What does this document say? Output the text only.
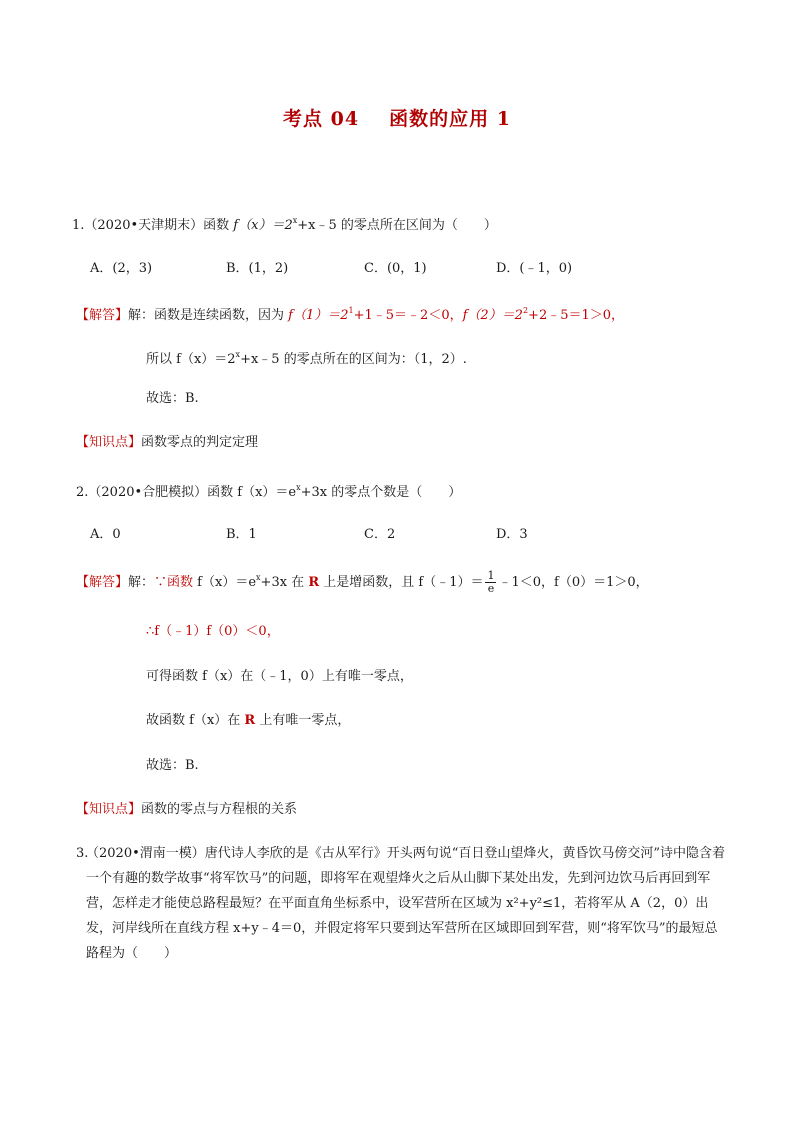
考点 04 函数的应用 1
1.（2020•天津期末）函数 $f(x)=2^x+x﹣5$ 的零点所在区间为（　　）
A．(2，3)	B．(1，2)	C．(0，1)	D．(﹣1，0)
【解答】解：函数是连续函数，因为 $f(1)=2^1+1﹣5=﹣2<0$，$f(2)=2^2+2﹣5=1>0$，
所以 $f(x)=2^x+x﹣5$ 的零点所在的区间为：（1，2）.
故选：B.
【知识点】函数零点的判定定理
2.（2020•合肥模拟）函数 $f(x)=e^x+3x$ 的零点个数是（　　）
A．0	B．1	C．2	D．3
【解答】解：∵函数 $f(x)=e^x+3x$ 在 R 上是增函数，且 f（﹣1）＝ $\frac{1}{e}$ ﹣1＜0，f（0）＝1＞0，
∴f（﹣1）f（0）＜0，
可得函数 f（x）在（﹣1，0）上有唯一零点，
故函数 f（x）在 R 上有唯一零点，
故选：B.
【知识点】函数的零点与方程根的关系
3.
（2020•渭南一模）唐代诗人李欣的是《古从军行》开头两句说“百日登山望烽火，黄昏饮马傍交河”诗中隐含着一个有趣的数学故事“将军饮马”的问题，即将军在观望烽火之后从山脚下某处出发，先到河边饮马后再回到军营，怎样走才能使总路程最短？在平面直角坐标系中，设军营所在区域为 x²+y²≤1，若将军从 A（2，0）出发，河岸线所在直线方程 x+y﹣4＝0，并假定将军只要到达军营所在区域即回到军营，则“将军饮马”的最短总路程为（　　）
